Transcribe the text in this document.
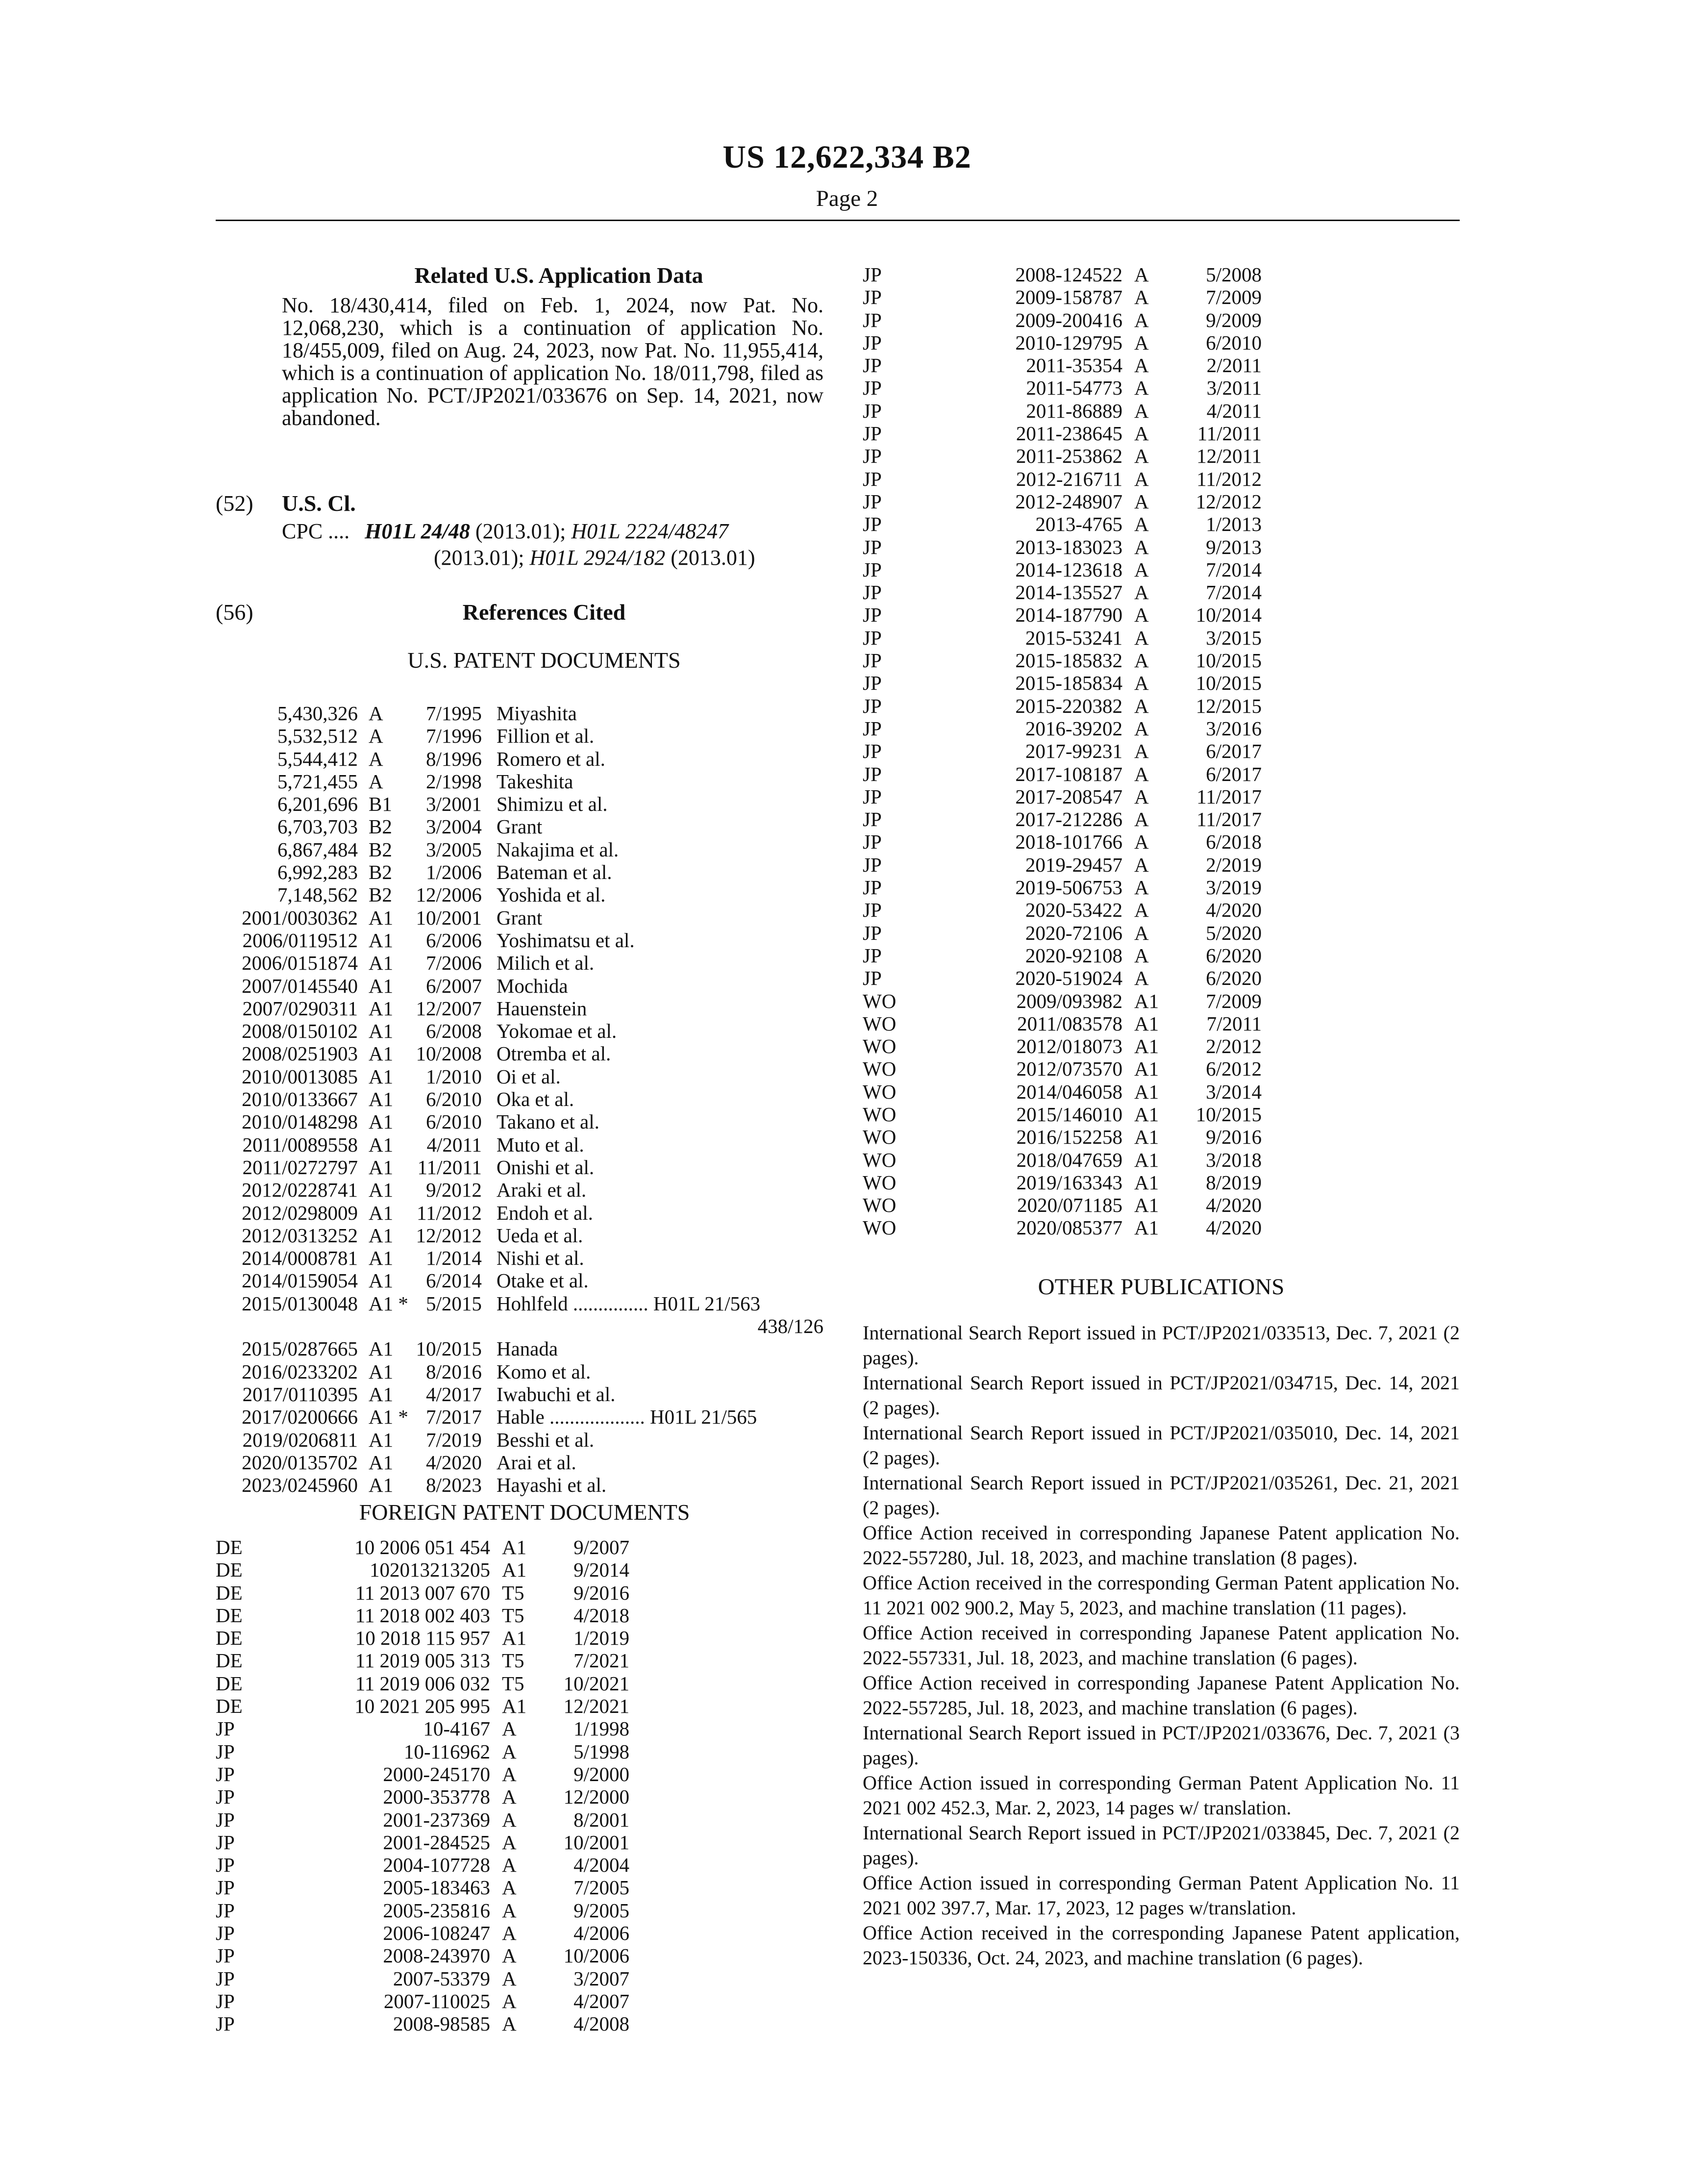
US 12,622,334 B2
Page 2
Related U.S. Application Data
No. 18/430,414, filed on Feb. 1, 2024, now Pat. No. 12,068,230, which is a continuation of application No. 18/455,009, filed on Aug. 24, 2023, now Pat. No. 11,955,414, which is a continuation of application No. 18/011,798, filed as application No. PCT/JP2021/033676 on Sep. 14, 2021, now abandoned.
(52) U.S. Cl.
CPC .... H01L 24/48 (2013.01); H01L 2224/48247
(2013.01); H01L 2924/182 (2013.01)
(56)	References Cited
U.S. PATENT DOCUMENTS
5,430,326	A	7/1995	Miyashita
5,532,512	A	7/1996	Fillion et al.
5,544,412	A	8/1996	Romero et al.
5,721,455	A	2/1998	Takeshita
6,201,696	B1	3/2001	Shimizu et al.
6,703,703	B2	3/2004	Grant
6,867,484	B2	3/2005	Nakajima et al.
6,992,283	B2	1/2006	Bateman et al.
7,148,562	B2	12/2006	Yoshida et al.
2001/0030362	A1	10/2001	Grant
2006/0119512	A1	6/2006	Yoshimatsu et al.
2006/0151874	A1	7/2006	Milich et al.
2007/0145540	A1	6/2007	Mochida
2007/0290311	A1	12/2007	Hauenstein
2008/0150102	A1	6/2008	Yokomae et al.
2008/0251903	A1	10/2008	Otremba et al.
2010/0013085	A1	1/2010	Oi et al.
2010/0133667	A1	6/2010	Oka et al.
2010/0148298	A1	6/2010	Takano et al.
2011/0089558	A1	4/2011	Muto et al.
2011/0272797	A1	11/2011	Onishi et al.
2012/0228741	A1	9/2012	Araki et al.
2012/0298009	A1	11/2012	Endoh et al.
2012/0313252	A1	12/2012	Ueda et al.
2014/0008781	A1	1/2014	Nishi et al.
2014/0159054	A1	6/2014	Otake et al.
2015/0130048	A1 *	5/2015	Hohlfeld ............... H01L 21/563
			438/126
2015/0287665	A1	10/2015	Hanada
2016/0233202	A1	8/2016	Komo et al.
2017/0110395	A1	4/2017	Iwabuchi et al.
2017/0200666	A1 *	7/2017	Hable ................... H01L 21/565
2019/0206811	A1	7/2019	Besshi et al.
2020/0135702	A1	4/2020	Arai et al.
2023/0245960	A1	8/2023	Hayashi et al.
FOREIGN PATENT DOCUMENTS
DE	10 2006 051 454	A1	9/2007
DE	102013213205	A1	9/2014
DE	11 2013 007 670	T5	9/2016
DE	11 2018 002 403	T5	4/2018
DE	10 2018 115 957	A1	1/2019
DE	11 2019 005 313	T5	7/2021
DE	11 2019 006 032	T5	10/2021
DE	10 2021 205 995	A1	12/2021
JP	10-4167	A	1/1998
JP	10-116962	A	5/1998
JP	2000-245170	A	9/2000
JP	2000-353778	A	12/2000
JP	2001-237369	A	8/2001
JP	2001-284525	A	10/2001
JP	2004-107728	A	4/2004
JP	2005-183463	A	7/2005
JP	2005-235816	A	9/2005
JP	2006-108247	A	4/2006
JP	2008-243970	A	10/2006
JP	2007-53379	A	3/2007
JP	2007-110025	A	4/2007
JP	2008-98585	A	4/2008
JP	2008-124522	A	5/2008
JP	2009-158787	A	7/2009
JP	2009-200416	A	9/2009
JP	2010-129795	A	6/2010
JP	2011-35354	A	2/2011
JP	2011-54773	A	3/2011
JP	2011-86889	A	4/2011
JP	2011-238645	A	11/2011
JP	2011-253862	A	12/2011
JP	2012-216711	A	11/2012
JP	2012-248907	A	12/2012
JP	2013-4765	A	1/2013
JP	2013-183023	A	9/2013
JP	2014-123618	A	7/2014
JP	2014-135527	A	7/2014
JP	2014-187790	A	10/2014
JP	2015-53241	A	3/2015
JP	2015-185832	A	10/2015
JP	2015-185834	A	10/2015
JP	2015-220382	A	12/2015
JP	2016-39202	A	3/2016
JP	2017-99231	A	6/2017
JP	2017-108187	A	6/2017
JP	2017-208547	A	11/2017
JP	2017-212286	A	11/2017
JP	2018-101766	A	6/2018
JP	2019-29457	A	2/2019
JP	2019-506753	A	3/2019
JP	2020-53422	A	4/2020
JP	2020-72106	A	5/2020
JP	2020-92108	A	6/2020
JP	2020-519024	A	6/2020
WO	2009/093982	A1	7/2009
WO	2011/083578	A1	7/2011
WO	2012/018073	A1	2/2012
WO	2012/073570	A1	6/2012
WO	2014/046058	A1	3/2014
WO	2015/146010	A1	10/2015
WO	2016/152258	A1	9/2016
WO	2018/047659	A1	3/2018
WO	2019/163343	A1	8/2019
WO	2020/071185	A1	4/2020
WO	2020/085377	A1	4/2020
OTHER PUBLICATIONS

International Search Report issued in PCT/JP2021/033513, Dec. 7, 2021 (2 pages).

International Search Report issued in PCT/JP2021/034715, Dec. 14, 2021 (2 pages).

International Search Report issued in PCT/JP2021/035010, Dec. 14, 2021 (2 pages).

International Search Report issued in PCT/JP2021/035261, Dec. 21, 2021 (2 pages).

Office Action received in corresponding Japanese Patent application No. 2022-557280, Jul. 18, 2023, and machine translation (8 pages).

Office Action received in the corresponding German Patent application No. 11 2021 002 900.2, May 5, 2023, and machine translation (11 pages).

Office Action received in corresponding Japanese Patent application No. 2022-557331, Jul. 18, 2023, and machine translation (6 pages).

Office Action received in corresponding Japanese Patent Application No. 2022-557285, Jul. 18, 2023, and machine translation (6 pages).

International Search Report issued in PCT/JP2021/033676, Dec. 7, 2021 (3 pages).

Office Action issued in corresponding German Patent Application No. 11 2021 002 452.3, Mar. 2, 2023, 14 pages w/ translation.

International Search Report issued in PCT/JP2021/033845, Dec. 7, 2021 (2 pages).

Office Action issued in corresponding German Patent Application No. 11 2021 002 397.7, Mar. 17, 2023, 12 pages w/translation.

Office Action received in the corresponding Japanese Patent application, 2023-150336, Oct. 24, 2023, and machine translation (6 pages).
